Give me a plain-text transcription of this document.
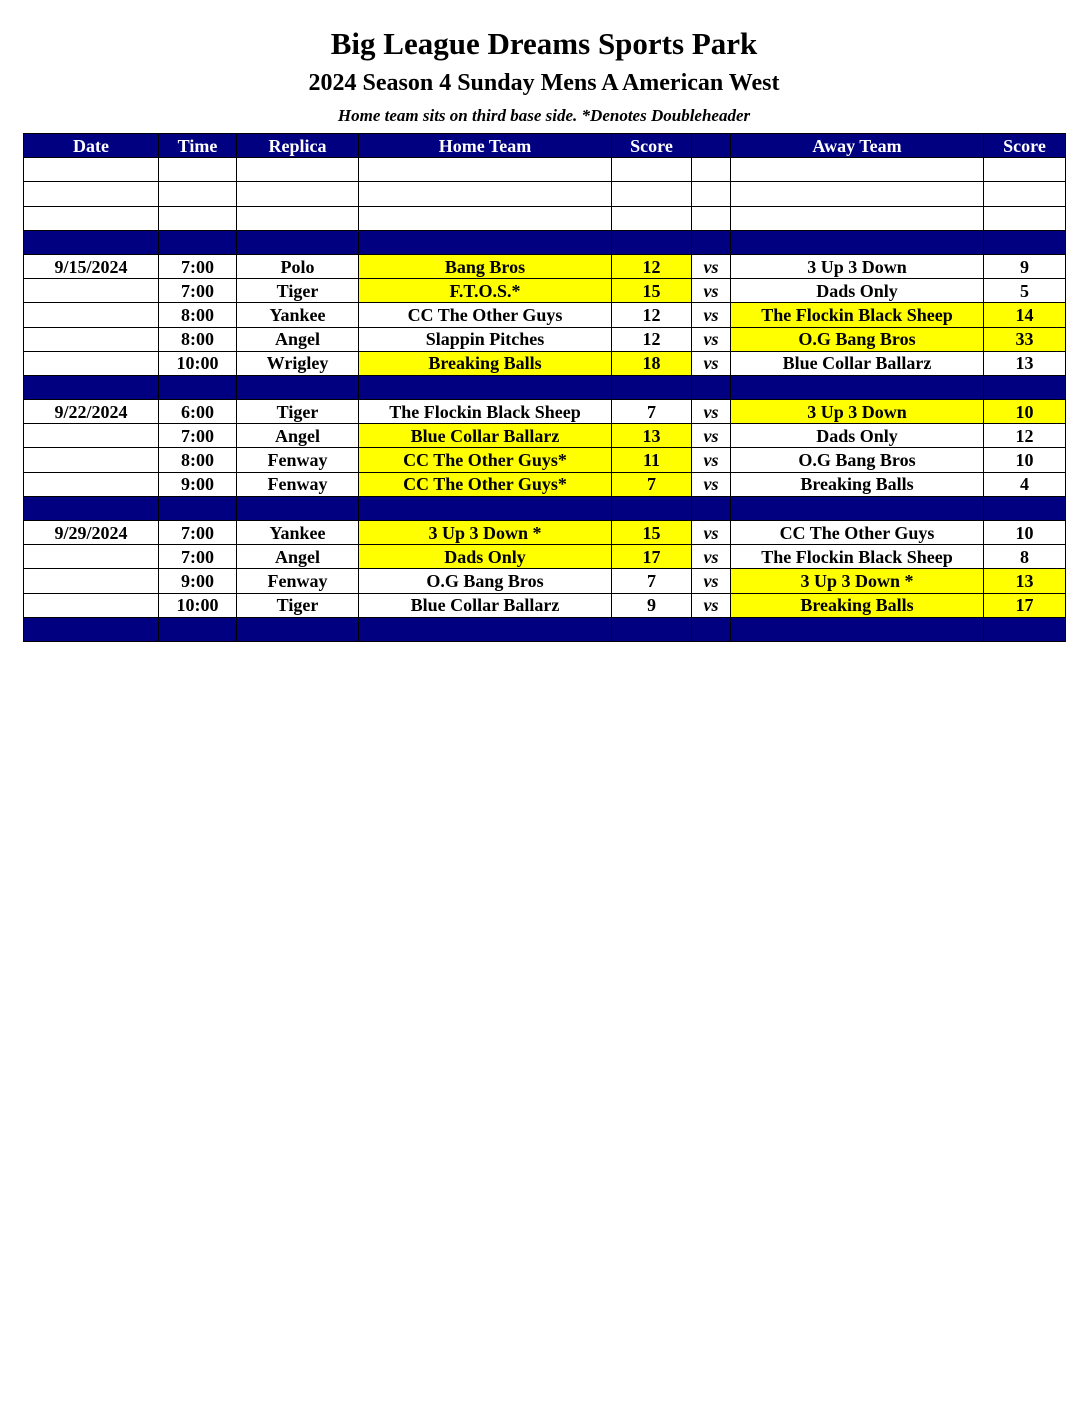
Big League Dreams Sports Park
2024 Season 4 Sunday Mens A American West
Home team sits on third base side. *Denotes Doubleheader
Date	Time	Replica	Home Team	Score		Away Team	Score

9/15/2024	7:00	Polo	Bang Bros	12	vs	3 Up 3 Down	9
	7:00	Tiger	F.T.O.S.*	15	vs	Dads Only	5
	8:00	Yankee	CC The Other Guys	12	vs	The Flockin Black Sheep	14
	8:00	Angel	Slappin Pitches	12	vs	O.G Bang Bros	33
	10:00	Wrigley	Breaking Balls	18	vs	Blue Collar Ballarz	13

9/22/2024	6:00	Tiger	The Flockin Black Sheep	7	vs	3 Up 3 Down	10
	7:00	Angel	Blue Collar Ballarz	13	vs	Dads Only	12
	8:00	Fenway	CC The Other Guys*	11	vs	O.G Bang Bros	10
	9:00	Fenway	CC The Other Guys*	7	vs	Breaking Balls	4

9/29/2024	7:00	Yankee	3 Up 3 Down *	15	vs	CC The Other Guys	10
	7:00	Angel	Dads Only	17	vs	The Flockin Black Sheep	8
	9:00	Fenway	O.G Bang Bros	7	vs	3 Up 3 Down *	13
	10:00	Tiger	Blue Collar Ballarz	9	vs	Breaking Balls	17
